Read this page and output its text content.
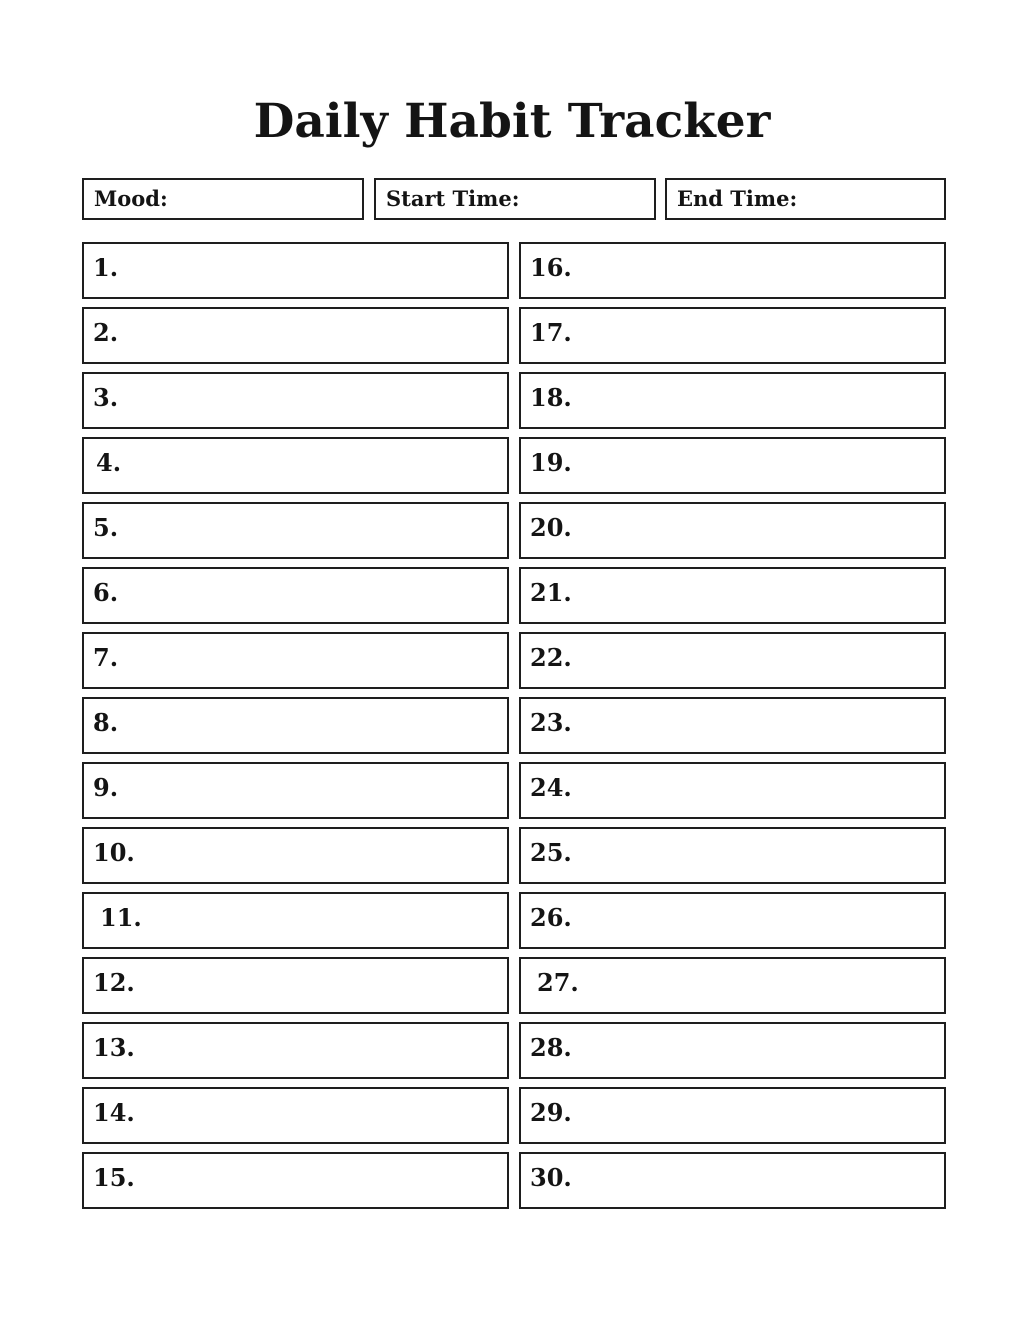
Daily Habit Tracker
Mood:	Start Time:	End Time:
1.
2.
3.
4.
5.
6.
7.
8.
9.
10.
11.
12.
13.
14.
15.
16.
17.
18.
19.
20.
21.
22.
23.
24.
25.
26.
27.
28.
29.
30.
